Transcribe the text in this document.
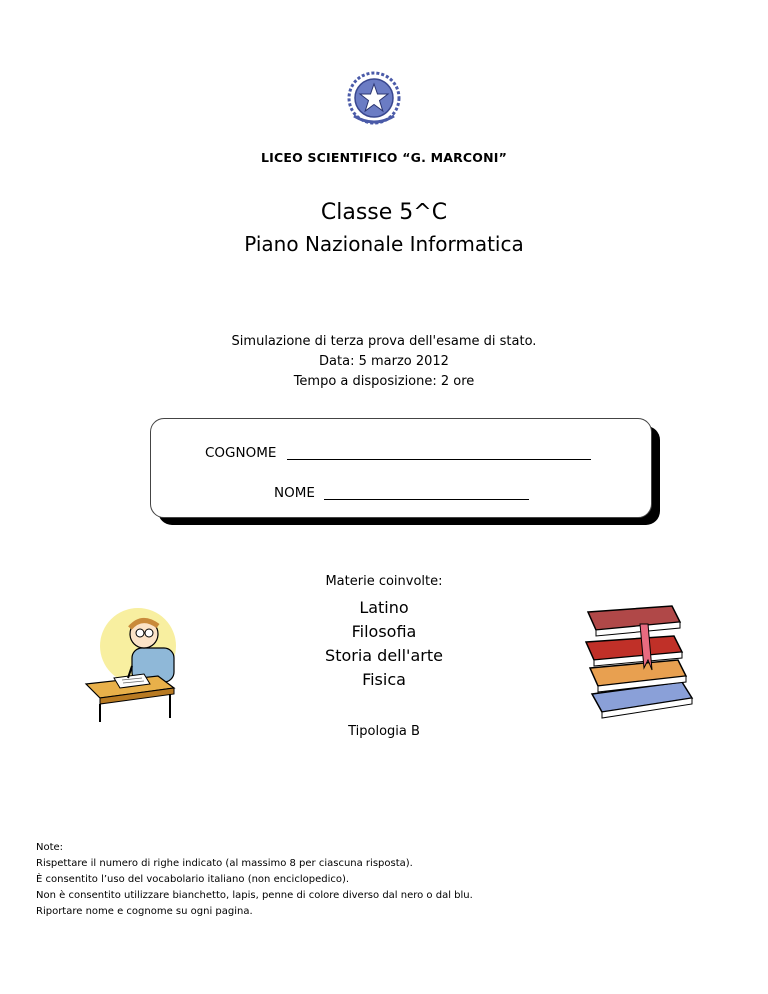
LICEO SCIENTIFICO “G. MARCONI”
Classe 5^C
Piano Nazionale Informatica
Simulazione di terza prova dell'esame di stato.
Data: 5 marzo 2012
Tempo a disposizione: 2 ore
COGNOME
NOME
Materie coinvolte:
Latino
Filosofia
Storia dell'arte
Fisica
Tipologia B
Note:
Rispettare il numero di righe indicato (al massimo 8 per ciascuna risposta).
È consentito l’uso del vocabolario italiano (non enciclopedico).
Non è consentito utilizzare bianchetto, lapis, penne di colore diverso dal nero o dal blu.
Riportare nome e cognome su ogni pagina.
